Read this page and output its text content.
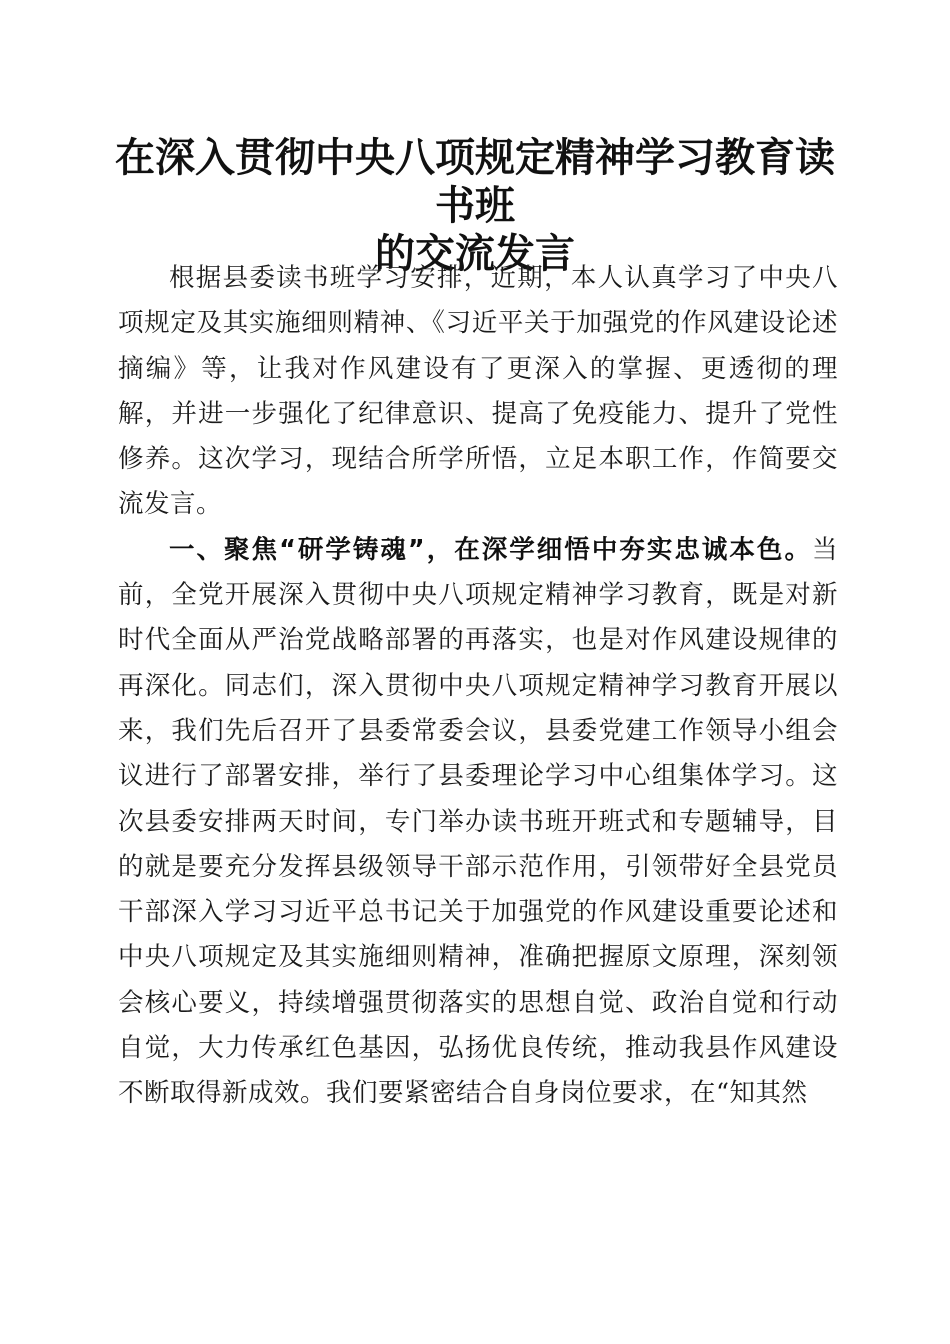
在深入贯彻中央八项规定精神学习教育读书班
的交流发言

根据县委读书班学习安排，近期，本人认真学习了中央八项规定及其实施细则精神、《习近平关于加强党的作风建设论述摘编》等，让我对作风建设有了更深入的掌握、更透彻的理解，并进一步强化了纪律意识、提高了免疫能力、提升了党性修养。这次学习，现结合所学所悟，立足本职工作，作简要交流发言。

一、聚焦“研学铸魂”，在深学细悟中夯实忠诚本色。当前，全党开展深入贯彻中央八项规定精神学习教育，既是对新时代全面从严治党战略部署的再落实，也是对作风建设规律的再深化。同志们，深入贯彻中央八项规定精神学习教育开展以来，我们先后召开了县委常委会议，县委党建工作领导小组会议进行了部署安排，举行了县委理论学习中心组集体学习。这次县委安排两天时间，专门举办读书班开班式和专题辅导，目的就是要充分发挥县级领导干部示范作用，引领带好全县党员干部深入学习习近平总书记关于加强党的作风建设重要论述和中央八项规定及其实施细则精神，准确把握原文原理，深刻领会核心要义，持续增强贯彻落实的思想自觉、政治自觉和行动自觉，大力传承红色基因，弘扬优良传统，推动我县作风建设不断取得新成效。我们要紧密结合自身岗位要求，在“知其然
